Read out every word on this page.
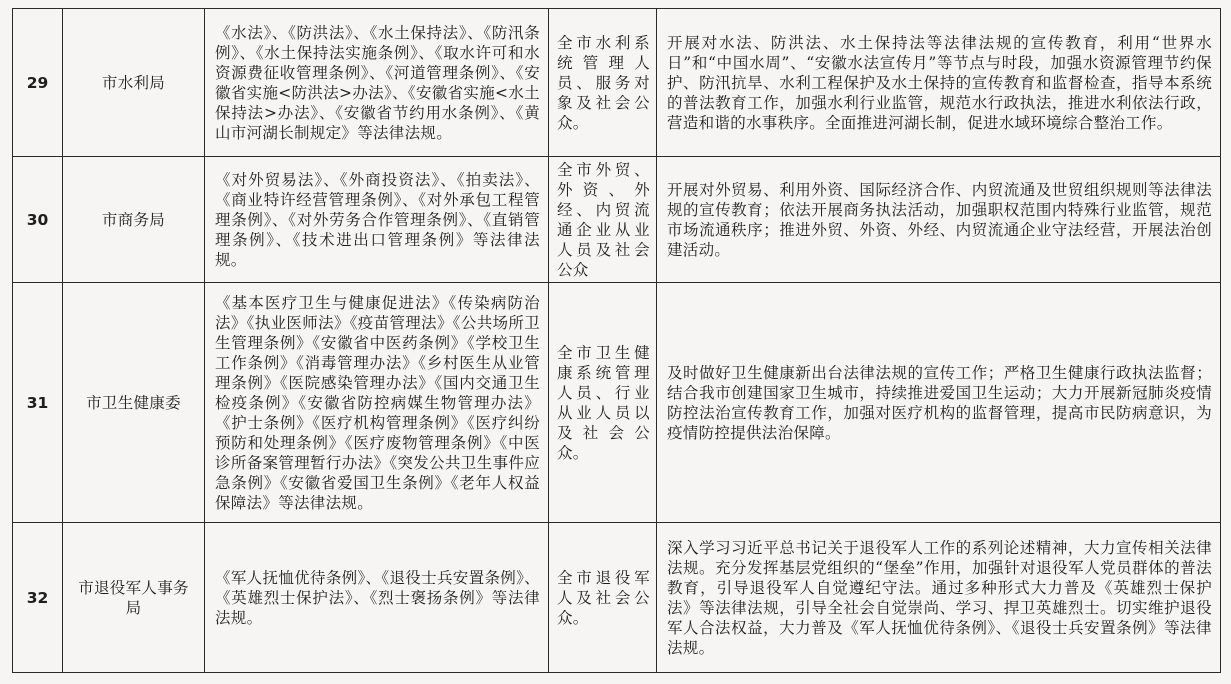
29	市水利局	《水法》、《防洪法》、《水土保持法》、《防汛条例》、《水土保持法实施条例》、《取水许可和水资源费征收管理条例》、《河道管理条例》、《安徽省实施<防洪法>办法》、《安徽省实施<水土保持法>办法》、《安徽省节约用水条例》、《黄山市河湖长制规定》等法律法规。	全市水利系统管理人员、服务对象及社会公众。	开展对水法、防洪法、水土保持法等法律法规的宣传教育，利用“世界水日”和“中国水周”、“安徽水法宣传月”等节点与时段，加强水资源管理节约保护、防汛抗旱、水利工程保护及水土保持的宣传教育和监督检查，指导本系统的普法教育工作，加强水利行业监管，规范水行政执法，推进水利依法行政，营造和谐的水事秩序。全面推进河湖长制，促进水域环境综合整治工作。

30	市商务局	《对外贸易法》、《外商投资法》、《拍卖法》、《商业特许经营管理条例》、《对外承包工程管理条例》、《对外劳务合作管理条例》、《直销管理条例》、《技术进出口管理条例》等法律法规。	全市外贸、外资、外经、内贸流通企业从业人员及社会公众	开展对外贸易、利用外资、国际经济合作、内贸流通及世贸组织规则等法律法规的宣传教育；依法开展商务执法活动，加强职权范围内特殊行业监管，规范市场流通秩序；推进外贸、外资、外经、内贸流通企业守法经营，开展法治创建活动。

31	市卫生健康委	《基本医疗卫生与健康促进法》《传染病防治法》《执业医师法》《疫苗管理法》《公共场所卫生管理条例》《安徽省中医药条例》《学校卫生工作条例》《消毒管理办法》《乡村医生从业管理条例》《医院感染管理办法》《国内交通卫生检疫条例》《安徽省防控病媒生物管理办法》《护士条例》《医疗机构管理条例》《医疗纠纷预防和处理条例》《医疗废物管理条例》《中医诊所备案管理暂行办法》《突发公共卫生事件应急条例》《安徽省爱国卫生条例》《老年人权益保障法》等法律法规。	全市卫生健康系统管理人员、行业从业人员以及社会公众。	及时做好卫生健康新出台法律法规的宣传工作；严格卫生健康行政执法监督；结合我市创建国家卫生城市，持续推进爱国卫生运动；大力开展新冠肺炎疫情防控法治宣传教育工作，加强对医疗机构的监督管理，提高市民防病意识，为疫情防控提供法治保障。

32	市退役军人事务局	《军人抚恤优待条例》、《退役士兵安置条例》、《英雄烈士保护法》、《烈士褒扬条例》等法律法规。	全市退役军人及社会公众。	深入学习习近平总书记关于退役军人工作的系列论述精神，大力宣传相关法律法规。充分发挥基层党组织的“堡垒”作用，加强针对退役军人党员群体的普法教育，引导退役军人自觉遵纪守法。通过多种形式大力普及《英雄烈士保护法》等法律法规，引导全社会自觉崇尚、学习、捍卫英雄烈士。切实维护退役军人合法权益，大力普及《军人抚恤优待条例》、《退役士兵安置条例》等法律法规。
